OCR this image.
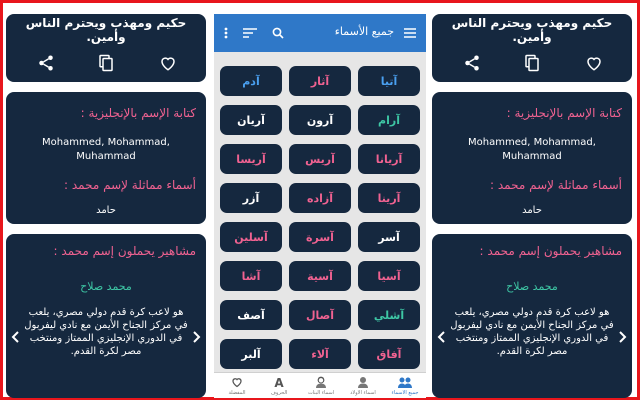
حكيم ومهذب ويحترم الناس وأمين.
كتابة الإسم بالإنجليزية :
Mohammed, Mohammad,
Muhammad
أسماء مماثلة لإسم محمد :
حامد
مشاهير يحملون إسم محمد :
محمد صلاح
هو لاعب كرة قدم دولي مصري، يلعب في مركز الجناح الأيمن مع نادي ليفربول في الدوري الإنجليزي الممتاز ومنتخب مصر لكرة القدم.
جميع الأسماء
آتيا
آثار
آدم
آرام
آرون
آريان
آريانا
آريس
آريسا
آرينا
آزاده
آزر
آسر
آسرة
آسلين
آسيا
آسية
آشا
آشلي
آصال
آصف
آفاق
آلاء
آلبر
جميع الأسماء
أسماء الأولاد
أسماء البنات
A
الحروف
المفضلة
حكيم ومهذب ويحترم الناس وأمين.
كتابة الإسم بالإنجليزية :
Mohammed, Mohammad,
Muhammad
أسماء مماثلة لإسم محمد :
حامد
مشاهير يحملون إسم محمد :
محمد صلاح
هو لاعب كرة قدم دولي مصري، يلعب في مركز الجناح الأيمن مع نادي ليفربول في الدوري الإنجليزي الممتاز ومنتخب مصر لكرة القدم.
